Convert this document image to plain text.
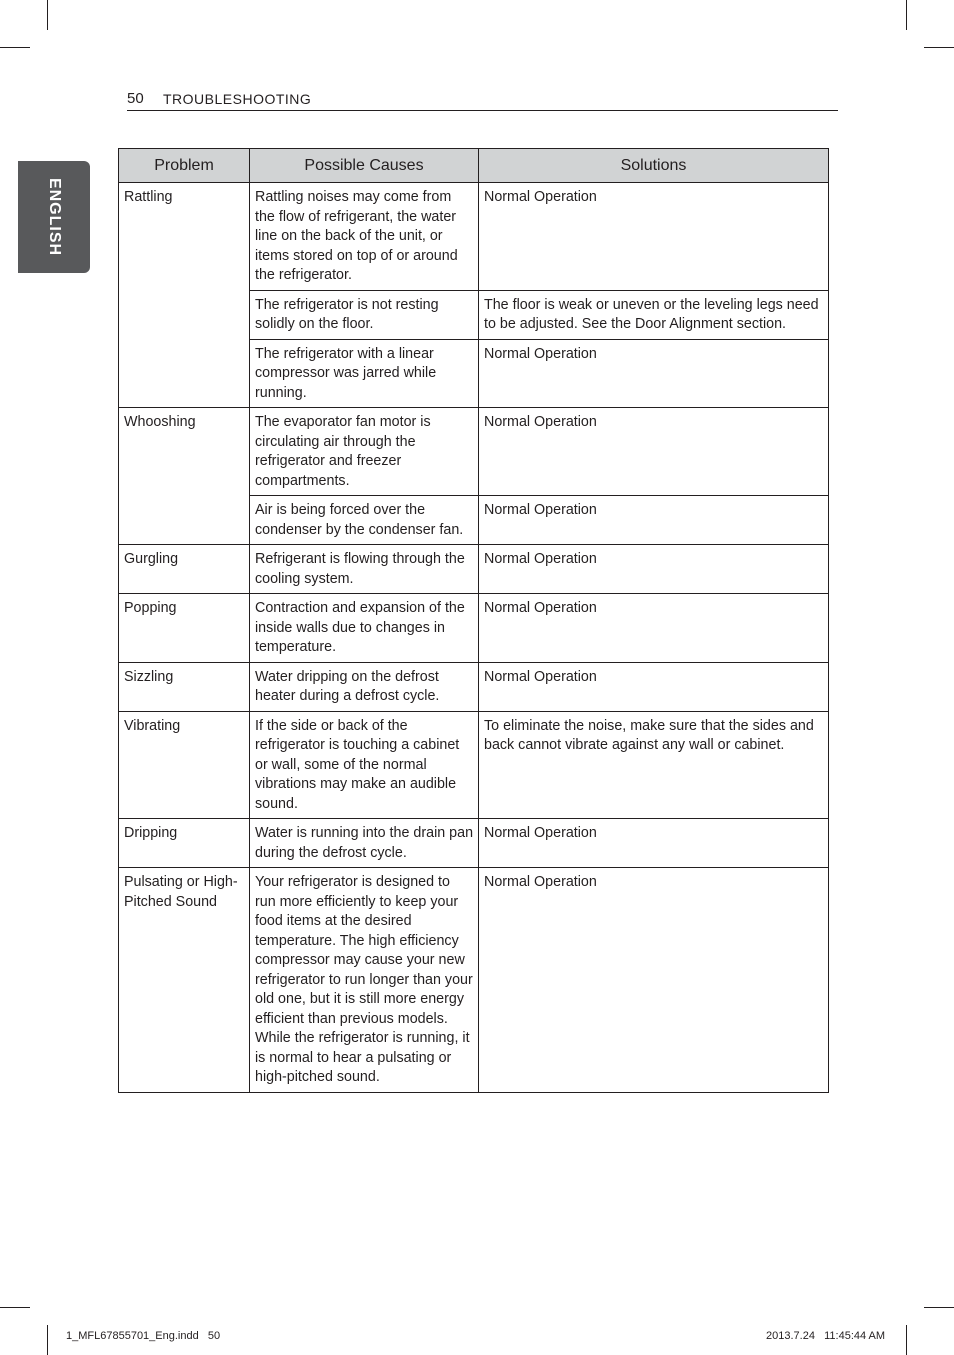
50 TROUBLESHOOTING
ENGLISH
Problem	Possible Causes	Solutions
Rattling	Rattling noises may come from the flow of refrigerant, the water line on the back of the unit, or items stored on top of or around the refrigerator.	Normal Operation
	The refrigerator is not resting solidly on the floor.	The floor is weak or uneven or the leveling legs need to be adjusted. See the Door Alignment section.
	The refrigerator with a linear compressor was jarred while running.	Normal Operation
Whooshing	The evaporator fan motor is circulating air through the refrigerator and freezer compartments.	Normal Operation
	Air is being forced over the condenser by the condenser fan.	Normal Operation
Gurgling	Refrigerant is flowing through the cooling system.	Normal Operation
Popping	Contraction and expansion of the inside walls due to changes in temperature.	Normal Operation
Sizzling	Water dripping on the defrost heater during a defrost cycle.	Normal Operation
Vibrating	If the side or back of the refrigerator is touching a cabinet or wall, some of the normal vibrations may make an audible sound.	To eliminate the noise, make sure that the sides and back cannot vibrate against any wall or cabinet.
Dripping	Water is running into the drain pan during the defrost cycle.	Normal Operation
Pulsating or High-Pitched Sound	Your refrigerator is designed to run more efficiently to keep your food items at the desired temperature. The high efficiency compressor may cause your new refrigerator to run longer than your old one, but it is still more energy efficient than previous models. While the refrigerator is running, it is normal to hear a pulsating or high-pitched sound.	Normal Operation
1_MFL67855701_Eng.indd   50	2013.7.24   11:45:44 AM
